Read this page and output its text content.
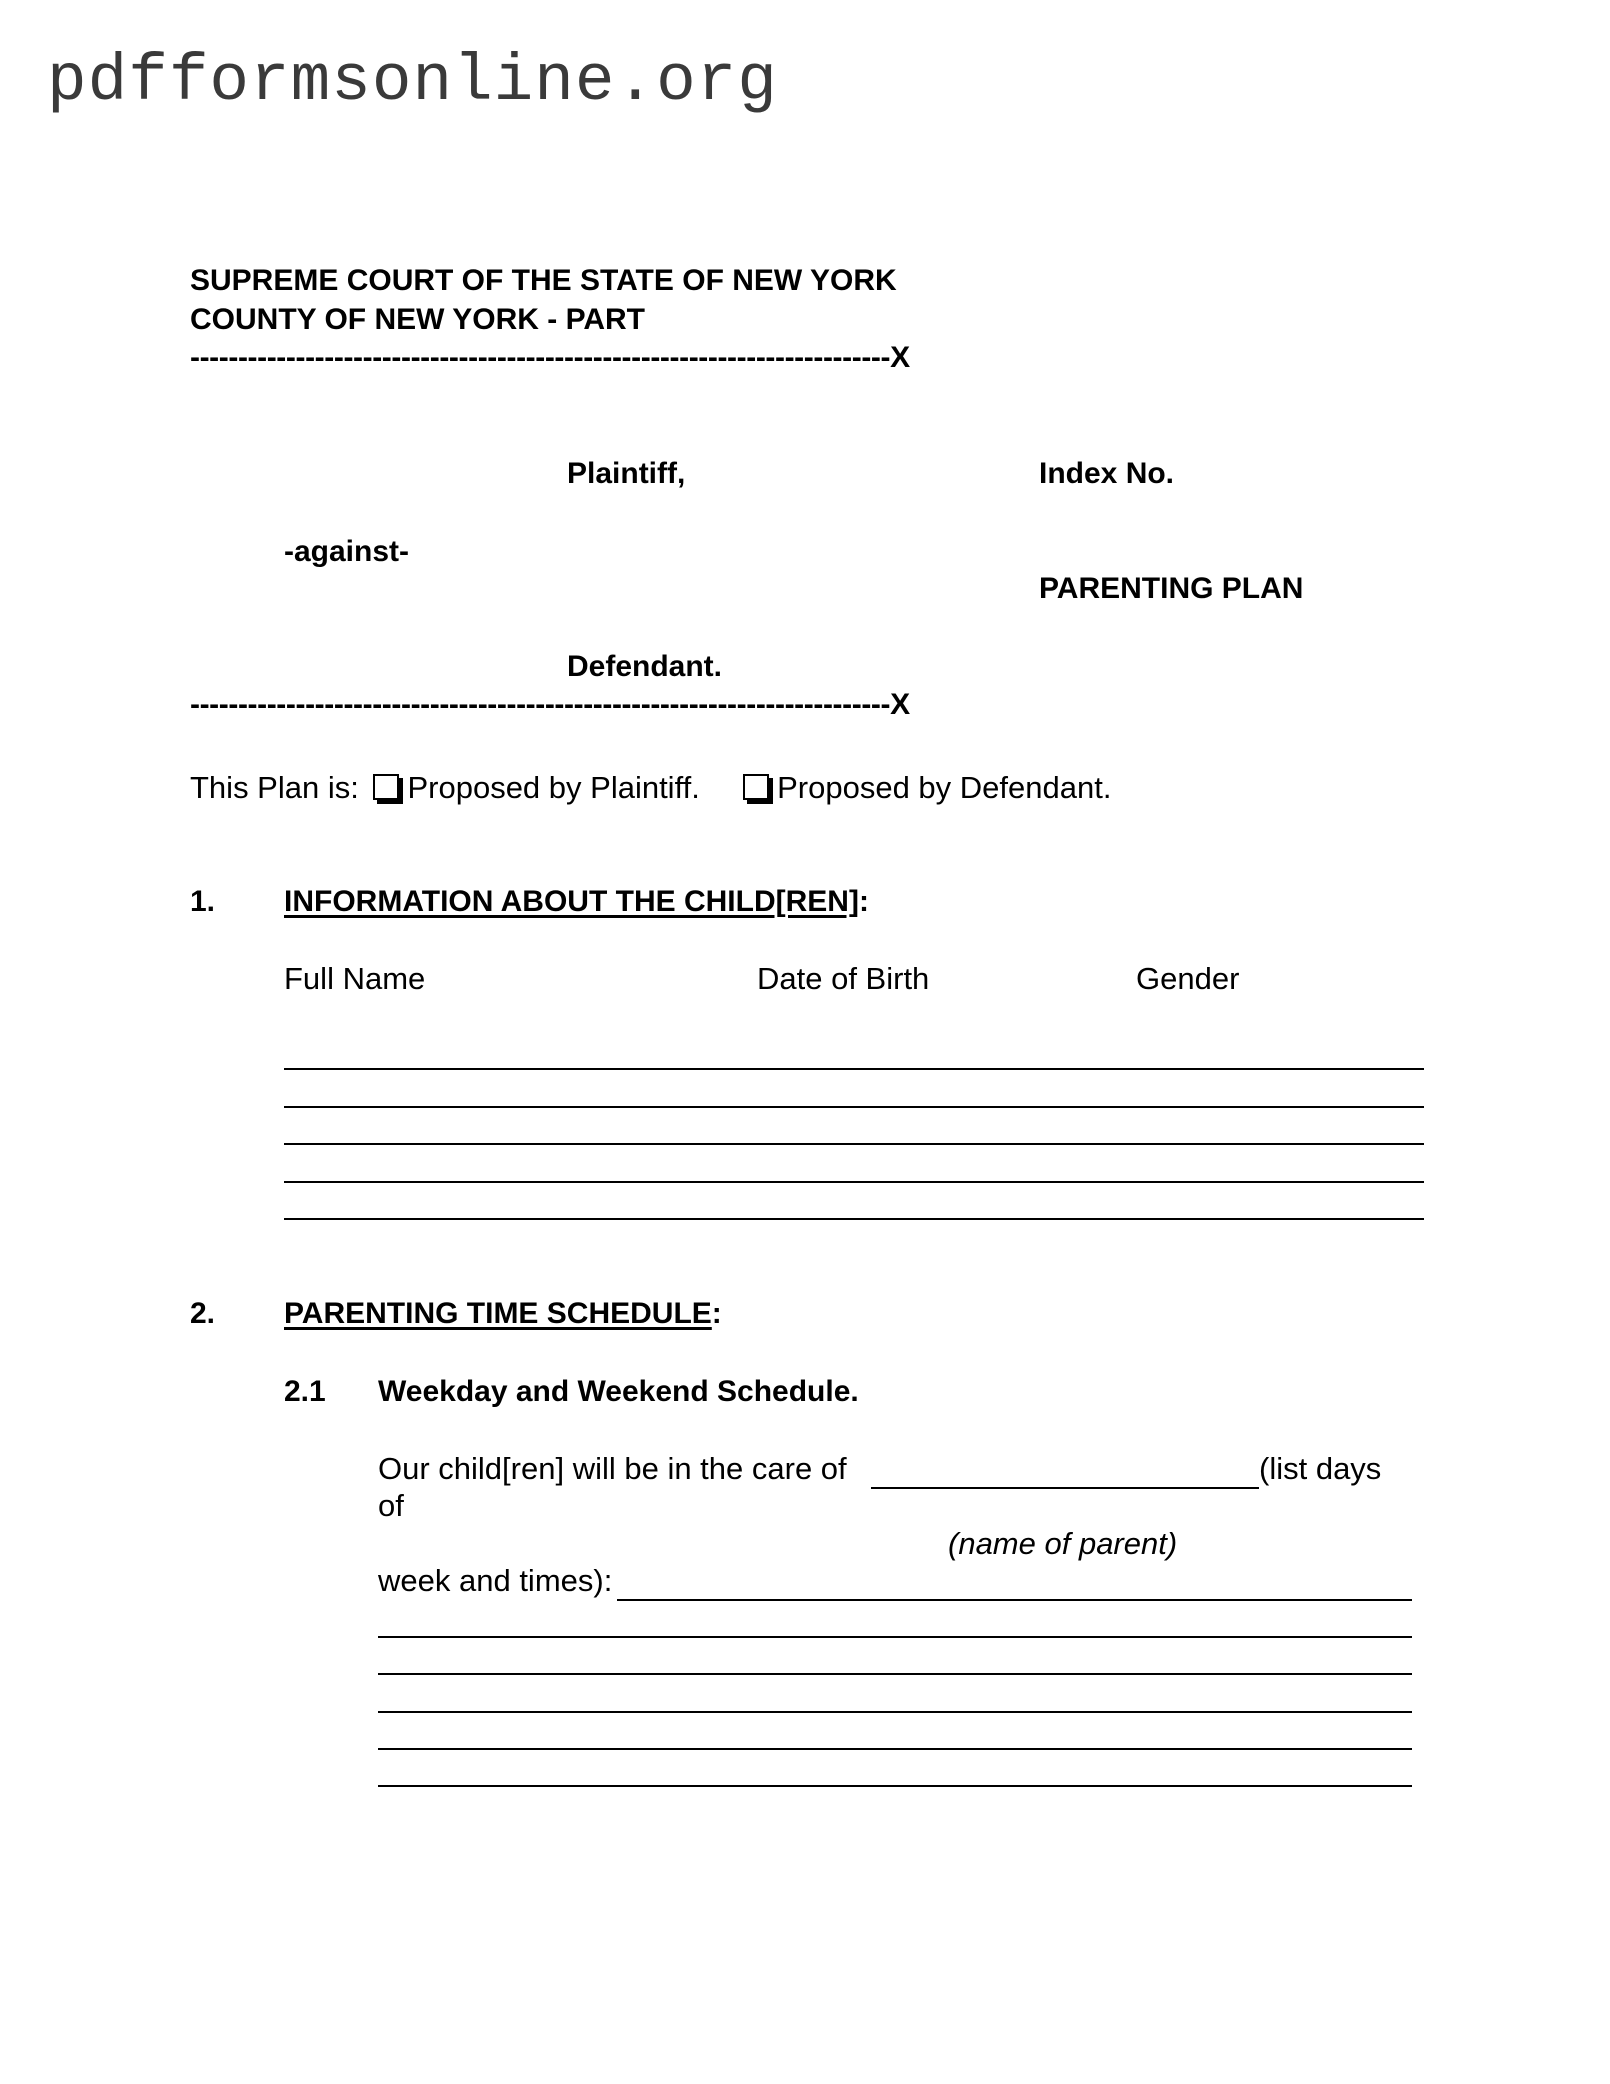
pdfformsonline.org
SUPREME COURT OF THE STATE OF NEW YORK
COUNTY OF NEW YORK - PART
-------------------------------------------------------------------------X
Plaintiff,	Index No.
-against-
PARENTING PLAN
Defendant.
-------------------------------------------------------------------------X
This Plan is: Proposed by Plaintiff. Proposed by Defendant.
1. INFORMATION ABOUT THE CHILD[REN]:
Full Name	Date of Birth	Gender
2. PARENTING TIME SCHEDULE:
2.1 Weekday and Weekend Schedule.
Our child[ren] will be in the care of	(list days
of
(name of parent)
week and times):
